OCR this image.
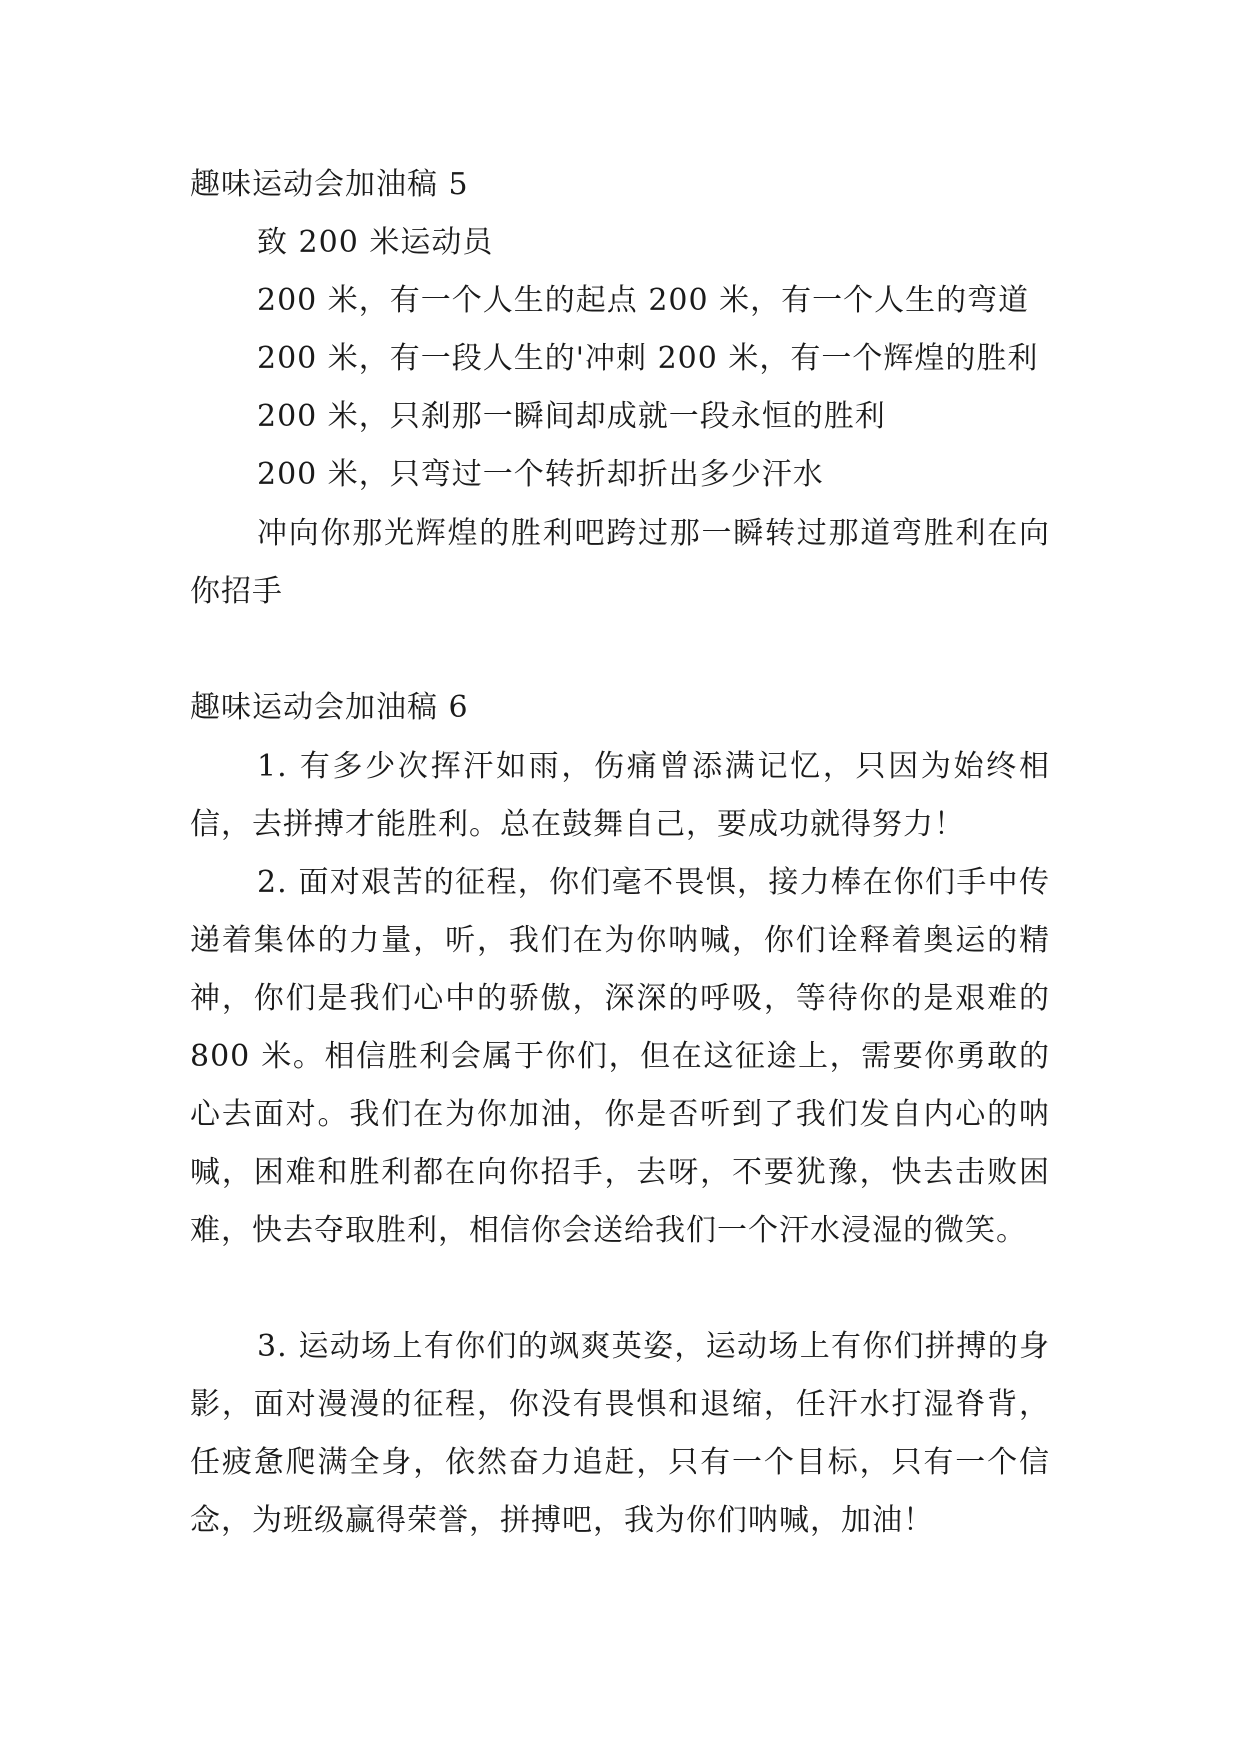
趣味运动会加油稿 5
致 200 米运动员
200 米，有一个人生的起点 200 米，有一个人生的弯道
200 米，有一段人生的'冲刺 200 米，有一个辉煌的胜利
200 米，只刹那一瞬间却成就一段永恒的胜利
200 米，只弯过一个转折却折出多少汗水
冲向你那光辉煌的胜利吧跨过那一瞬转过那道弯胜利在向你招手
趣味运动会加油稿 6
1. 有多少次挥汗如雨，伤痛曾添满记忆，只因为始终相信，去拼搏才能胜利。总在鼓舞自己，要成功就得努力！
2. 面对艰苦的征程，你们毫不畏惧，接力棒在你们手中传递着集体的力量，听，我们在为你呐喊，你们诠释着奥运的精神，你们是我们心中的骄傲，深深的呼吸，等待你的是艰难的 800 米。相信胜利会属于你们，但在这征途上，需要你勇敢的心去面对。我们在为你加油，你是否听到了我们发自内心的呐喊，困难和胜利都在向你招手，去呀，不要犹豫，快去击败困难，快去夺取胜利，相信你会送给我们一个汗水浸湿的微笑。
3. 运动场上有你们的飒爽英姿，运动场上有你们拼搏的身影，面对漫漫的征程，你没有畏惧和退缩，任汗水打湿脊背，任疲惫爬满全身，依然奋力追赶，只有一个目标，只有一个信念，为班级赢得荣誉，拼搏吧，我为你们呐喊，加油！
